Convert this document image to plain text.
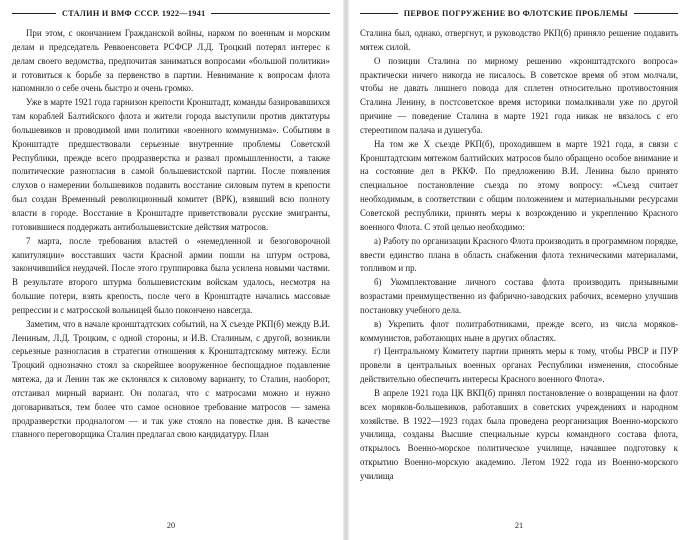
СТАЛИН И ВМФ СССР. 1922—1941

При этом, с окончанием Гражданской войны, нарком по военным и морским делам и председатель Реввоенсовета РСФСР Л.Д. Троцкий потерял интерес к делам своего ведомства, предпочитая заниматься вопросами «большой политики» и готовиться к борьбе за первенство в партии. Невнимание к вопросам флота напомнило о себе очень быстро и очень громко.

Уже в марте 1921 года гарнизон крепости Кронштадт, команды базировавшихся там кораблей Балтийского флота и жители города выступили против диктатуры большевиков и проводимой ими политики «военного коммунизма». Событиям в Кронштадте предшествовали серьезные внутренние проблемы Советской Республики, прежде всего продразверстка и развал промышленности, а также политические разногласия в самой большевистской партии. После появления слухов о намерении большевиков подавить восстание силовым путем в крепости был создан Временный революционный комитет (ВРК), взявший всю полноту власти в городе. Восстание в Кронштадте приветствовали русские эмигранты, готовившиеся поддержать антибольшевистские действия матросов.

7 марта, после требования властей о «немедленной и безоговорочной капитуляции» восставших части Красной армии пошли на штурм острова, закончившийся неудачей. После этого группировка была усилена новыми частями. В результате второго штурма большевистским войскам удалось, несмотря на большие потери, взять крепость, после чего в Кронштадте начались массовые репрессии и с матросской вольницей было покончено навсегда.

Заметим, что в начале кронштадтских событий, на X съезде РКП(б) между В.И. Лениным, Л.Д. Троцким, с одной стороны, и И.В. Сталиным, с другой, возникли серьезные разногласия в стратегии отношения к Кронштадтскому мятежу. Если Троцкий однозначно стоял за скорейшее вооруженное беспощадное подавление мятежа, да и Ленин так же склонялся к силовому варианту, то Сталин, наоборот, отстаивал мирный вариант. Он полагал, что с матросами можно и нужно договариваться, тем более что самое основное требование матросов — замена продразверстки продналогом — и так уже стояло на повестке дня. В качестве главного переговорщика Сталин предлагал свою кандидатуру. План

20
ПЕРВОЕ ПОГРУЖЕНИЕ ВО ФЛОТСКИЕ ПРОБЛЕМЫ

Сталина был, однако, отвергнут, и руководство РКП(б) приняло решение подавить мятеж силой.

О позиции Сталина по мирному решению «кронштадтского вопроса» практически ничего никогда не писалось. В советское время об этом молчали, чтобы не давать лишнего повода для сплетен относительно противостояния Сталина Ленину, в постсоветское время историки помалкивали уже по другой причине — поведение Сталина в марте 1921 года никак не вязалось с его стереотипом палача и душегуба.

На том же X съезде РКП(б), проходившем в марте 1921 года, в связи с Кронштадтским мятежом балтийских матросов было обращено особое внимание и на состояние дел в РККФ. По предложению В.И. Ленина было принято специальное постановление съезда по этому вопросу: «Съезд считает необходимым, в соответствии с общим положением и материальными ресурсами Советской республики, принять меры к возрождению и укреплению Красного военного Флота. С этой целью необходимо:

а) Работу по организации Красного Флота производить в программном порядке, ввести единство плана в область снабжения флота техническими материалами, топливом и пр.

б) Укомплектование личного состава флота производить призывными возрастами преимущественно из фабрично-заводских рабочих, всемерно улучшив постановку учебного дела.

в) Укрепить флот политработниками, прежде всего, из числа моряков-коммунистов, работающих ныне в других областях.

г) Центральному Комитету партии принять меры к тому, чтобы РВСР и ПУР провели в центральных военных органах Республики изменения, способные действительно обеспечить интересы Красного военного Флота».

В апреле 1921 года ЦК ВКП(б) принял постановление о возвращении на флот всех моряков-большевиков, работавших в советских учреждениях и народном хозяйстве. В 1922—1923 годах была проведена реорганизация Военно-морского училища, созданы Высшие специальные курсы командного состава флота, открылось Военно-морское политическое училище, начавшее подготовку к открытию Военно-морскую академию. Летом 1922 года из Военно-морского училища

21
